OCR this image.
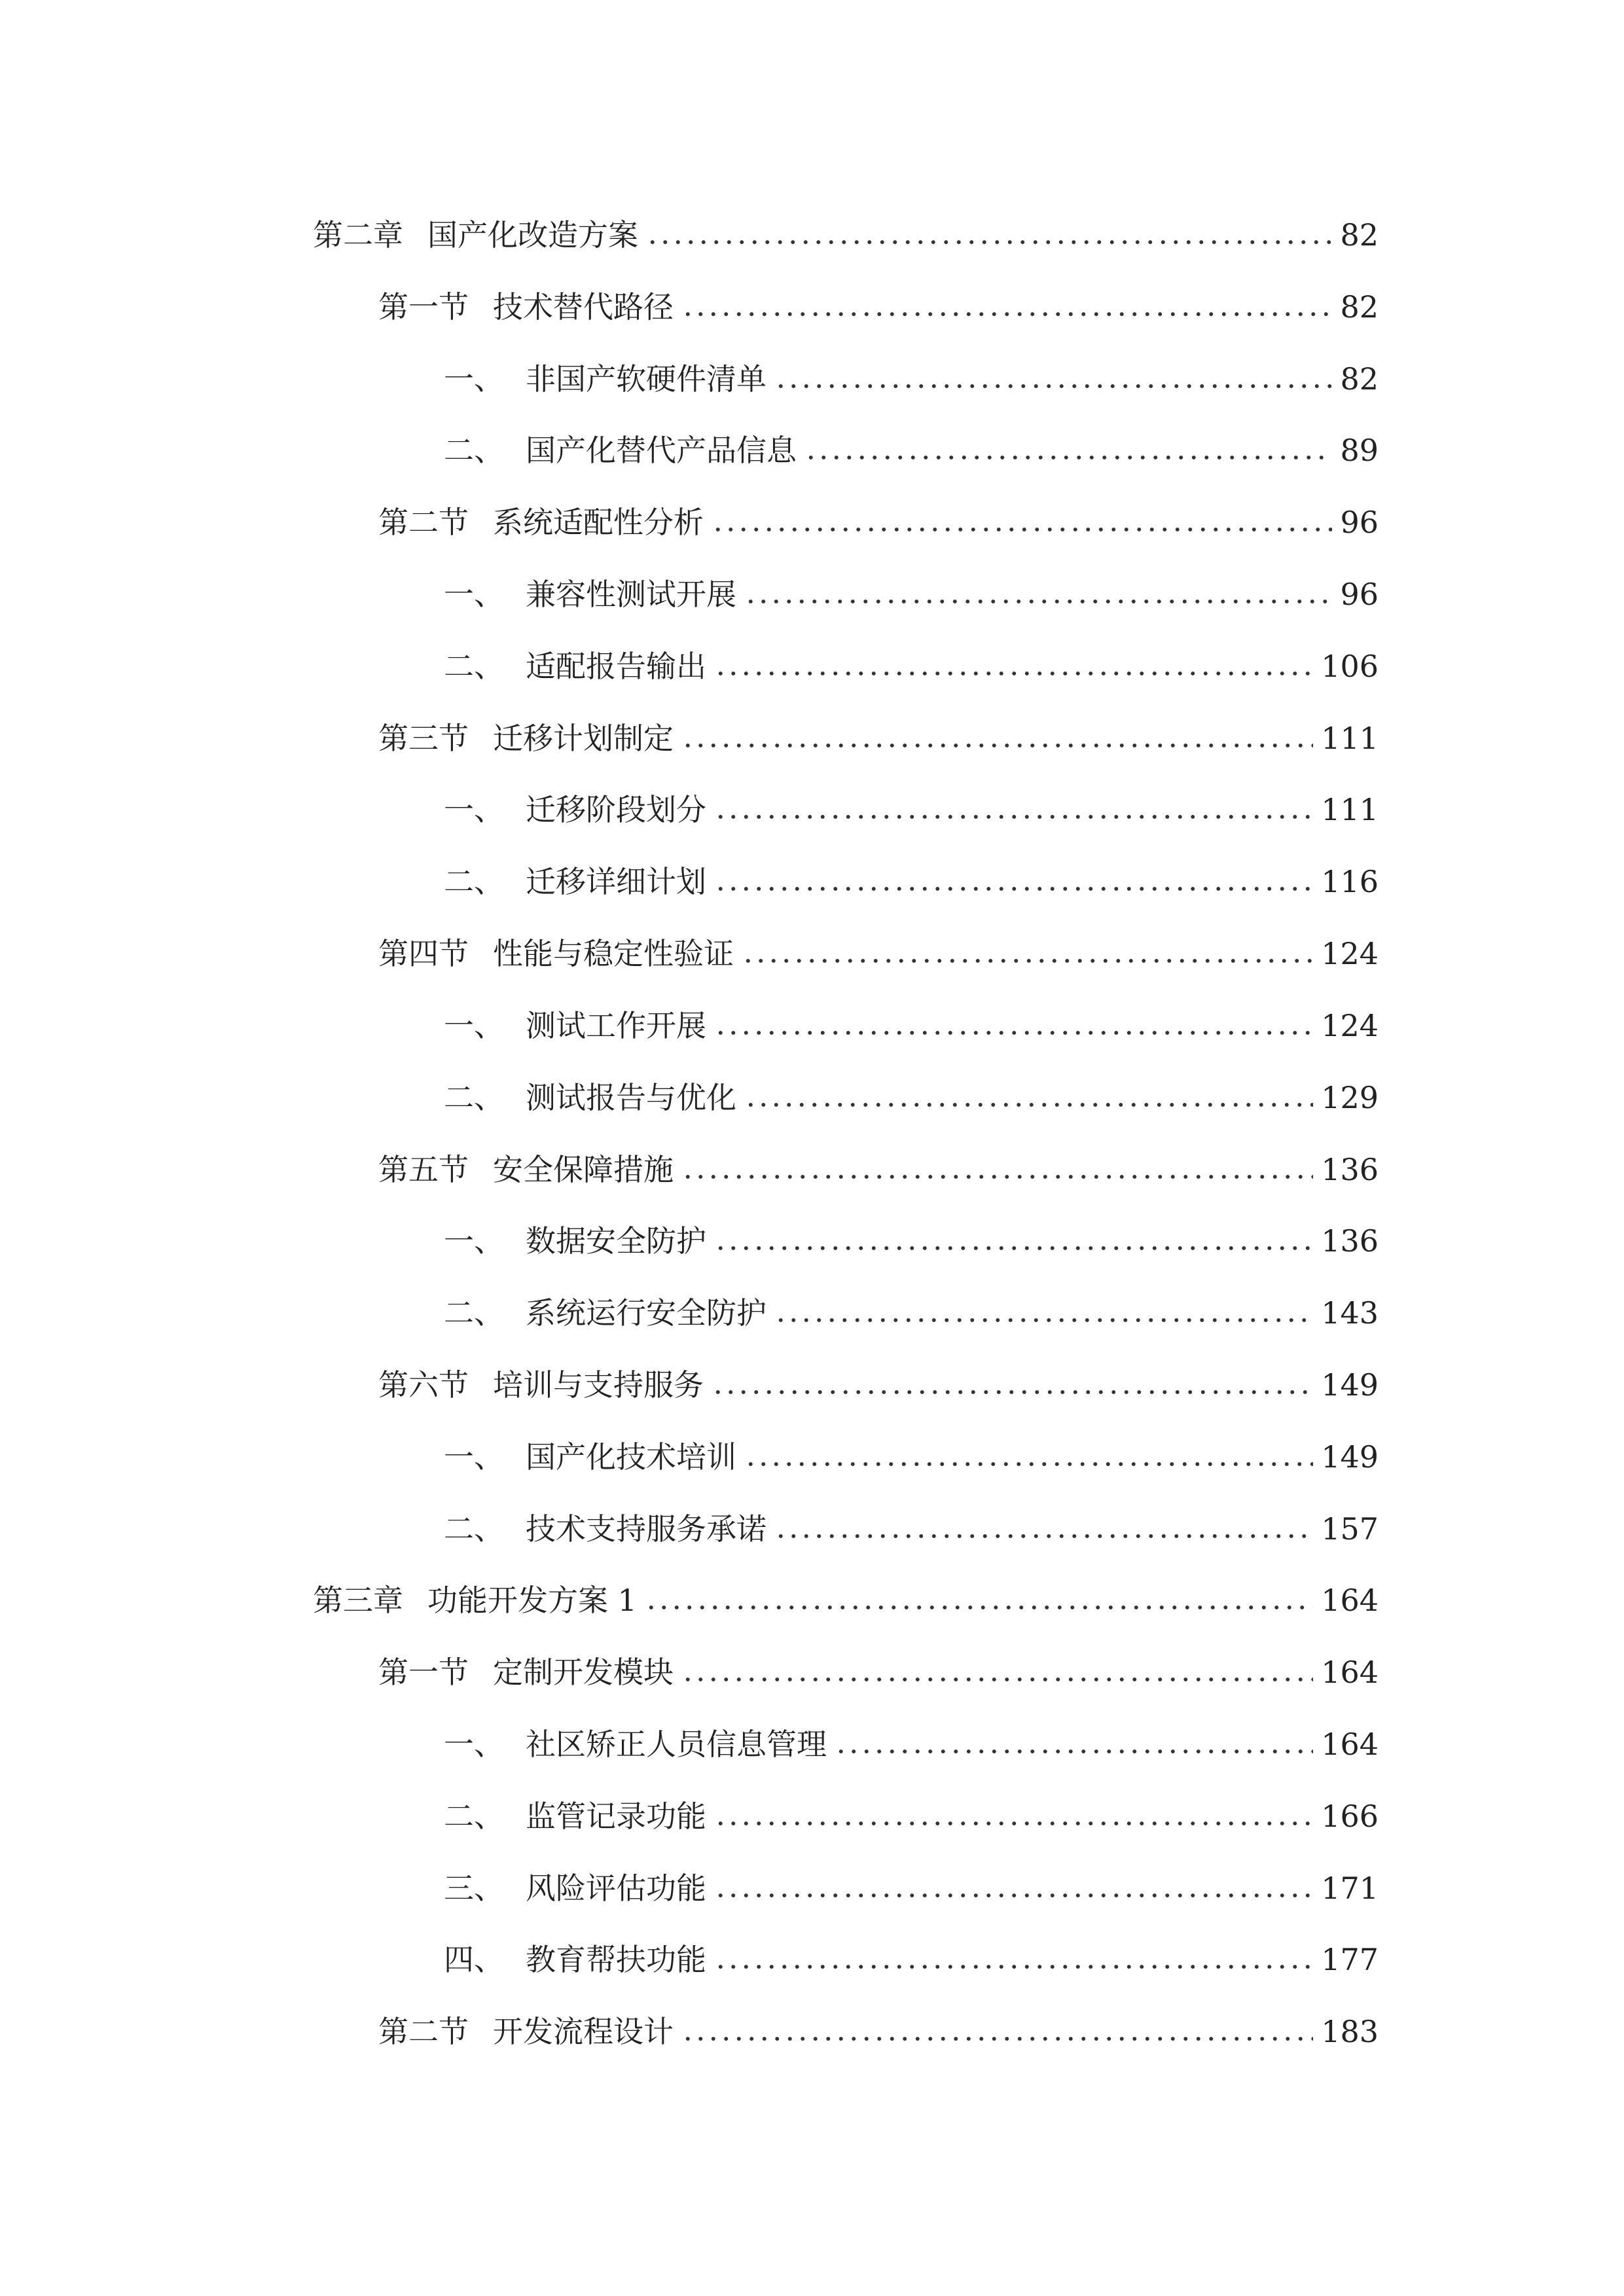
第二章 国产化改造方案	82
第一节 技术替代路径	82
一、 非国产软硬件清单	82
二、 国产化替代产品信息	89
第二节 系统适配性分析	96
一、 兼容性测试开展	96
二、 适配报告输出	106
第三节 迁移计划制定	111
一、 迁移阶段划分	111
二、 迁移详细计划	116
第四节 性能与稳定性验证	124
一、 测试工作开展	124
二、 测试报告与优化	129
第五节 安全保障措施	136
一、 数据安全防护	136
二、 系统运行安全防护	143
第六节 培训与支持服务	149
一、 国产化技术培训	149
二、 技术支持服务承诺	157
第三章 功能开发方案 1	164
第一节 定制开发模块	164
一、 社区矫正人员信息管理	164
二、 监管记录功能	166
三、 风险评估功能	171
四、 教育帮扶功能	177
第二节 开发流程设计	183
